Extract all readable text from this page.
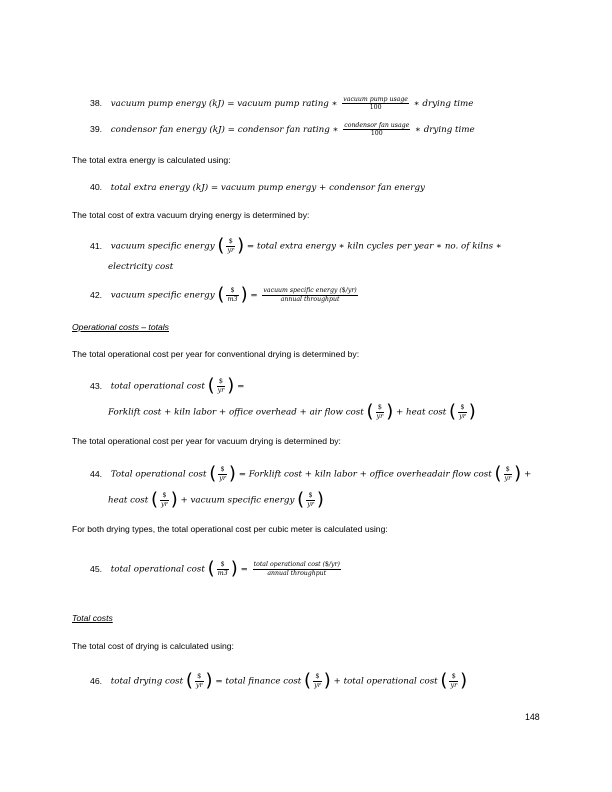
38. vacuum pump energy (kJ) = vacuum pump rating ∗ $\frac{\text{vacuum pump usage}}{100}$ ∗ drying time
39. condensor fan energy (kJ) = condensor fan rating ∗ $\frac{\text{condensor fan usage}}{100}$ ∗ drying time
The total extra energy is calculated using:
40. total extra energy (kJ) = vacuum pump energy + condensor fan energy
The total cost of extra vacuum drying energy is determined by:
41. vacuum specific energy ( $\frac{\$}{yr}$ ) = total extra energy ∗ kiln cycles per year ∗ no. of kilns ∗
electricity cost
42. vacuum specific energy ( $\frac{\$}{m3}$ ) = $\frac{\text{vacuum specific energy (\$/yr)}}{\text{annual throughput}}$
Operational costs – totals
The total operational cost per year for conventional drying is determined by:
43. total operational cost ( $\frac{\$}{yr}$ ) =
Forklift cost + kiln labor + office overhead + air flow cost ( $\frac{\$}{yr}$ ) + heat cost ( $\frac{\$}{yr}$ )
The total operational cost per year for vacuum drying is determined by:
44. Total operational cost ( $\frac{\$}{yr}$ ) = Forklift cost + kiln labor + office overheadair flow cost ( $\frac{\$}{yr}$ ) +
heat cost ( $\frac{\$}{yr}$ ) + vacuum specific energy ( $\frac{\$}{yr}$ )
For both drying types, the total operational cost per cubic meter is calculated using:
45. total operational cost ( $\frac{\$}{m3}$ ) = $\frac{\text{total operational cost (\$/yr)}}{\text{annual throughput}}$
Total costs
The total cost of drying is calculated using:
46. total drying cost ( $\frac{\$}{yr}$ ) = total finance cost ( $\frac{\$}{yr}$ ) + total operational cost ( $\frac{\$}{yr}$ )
148
